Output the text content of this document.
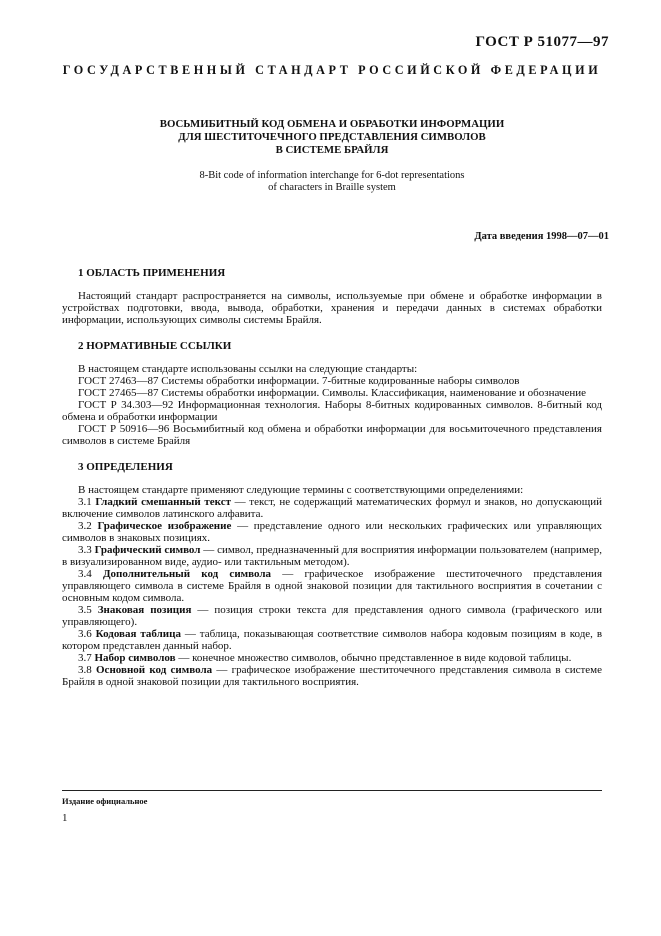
ГОСТ Р 51077—97
ГОСУДАРСТВЕННЫЙ СТАНДАРТ РОССИЙСКОЙ ФЕДЕРАЦИИ
ВОСЬМИБИТНЫЙ КОД ОБМЕНА И ОБРАБОТКИ ИНФОРМАЦИИ
ДЛЯ ШЕСТИТОЧЕЧНОГО ПРЕДСТАВЛЕНИЯ СИМВОЛОВ
В СИСТЕМЕ БРАЙЛЯ
8-Bit code of information interchange for 6-dot representations
of characters in Braille system
Дата введения 1998—07—01

1 ОБЛАСТЬ ПРИМЕНЕНИЯ

Настоящий стандарт распространяется на символы, используемые при обмене и обработке информации в устройствах подготовки, ввода, вывода, обработки, хранения и передачи данных в системах обработки информации, использующих символы системы Брайля.

2 НОРМАТИВНЫЕ ССЫЛКИ

В настоящем стандарте использованы ссылки на следующие стандарты:

ГОСТ 27463—87 Системы обработки информации. 7-битные кодированные наборы символов

ГОСТ 27465—87 Системы обработки информации. Символы. Классификация, наименование и обозначение

ГОСТ Р 34.303—92 Информационная технология. Наборы 8-битных кодированных символов. 8-битный код обмена и обработки информации

ГОСТ Р 50916—96 Восьмибитный код обмена и обработки информации для восьмиточечного представления символов в системе Брайля

3 ОПРЕДЕЛЕНИЯ

В настоящем стандарте применяют следующие термины с соответствующими определениями:

3.1 Гладкий смешанный текст — текст, не содержащий математических формул и знаков, но допускающий включение символов латинского алфавита.

3.2 Графическое изображение — представление одного или нескольких графических или управляющих символов в знаковых позициях.

3.3 Графический символ — символ, предназначенный для восприятия информации пользователем (например, в визуализированном виде, аудио- или тактильным методом).

3.4 Дополнительный код символа — графическое изображение шеститочечного представления управляющего символа в системе Брайля в одной знаковой позиции для тактильного восприятия в сочетании с основным кодом символа.

3.5 Знаковая позиция — позиция строки текста для представления одного символа (графического или управляющего).

3.6 Кодовая таблица — таблица, показывающая соответствие символов набора кодовым позициям в коде, в котором представлен данный набор.

3.7 Набор символов — конечное множество символов, обычно представленное в виде кодовой таблицы.

3.8 Основной код символа — графическое изображение шеститочечного представления символа в системе Брайля в одной знаковой позиции для тактильного восприятия.

Издание официальное
1
